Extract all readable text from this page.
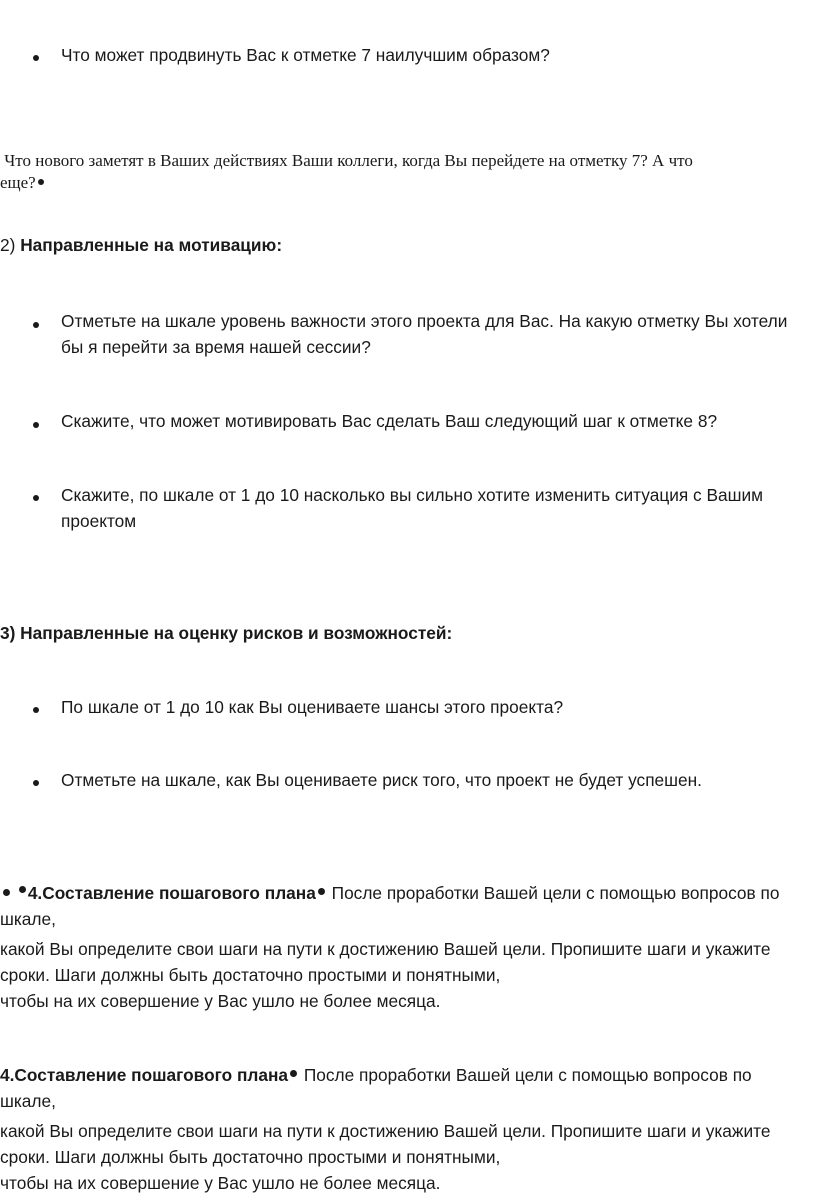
Что может продвинуть Вас к отметке 7 наилучшим образом?
Что нового заметят в Ваших действиях Ваши коллеги, когда Вы перейдете на отметку 7? А что
еще?
2) Направленные на мотивацию:
Отметьте на шкале уровень важности этого проекта для Вас. На какую отметку Вы хотели
бы я перейти за время нашей сессии?
Скажите, что может мотивировать Вас сделать Ваш следующий шаг к отметке 8?
Скажите, по шкале от 1 до 10 насколько вы сильно хотите изменить ситуация с Вашим
проектом
3) Направленные на оценку рисков и возможностей:
По шкале от 1 до 10 как Вы оцениваете шансы этого проекта?
Отметьте на шкале, как Вы оцениваете риск того, что проект не будет успешен.
4.Составление пошагового плана После проработки Вашей цели с помощью вопросов по
шкале,
какой Вы определите свои шаги на пути к достижению Вашей цели. Пропишите шаги и укажите
сроки. Шаги должны быть достаточно простыми и понятными,
чтобы на их совершение у Вас ушло не более месяца.
4.Составление пошагового плана После проработки Вашей цели с помощью вопросов по
шкале,
какой Вы определите свои шаги на пути к достижению Вашей цели. Пропишите шаги и укажите
сроки. Шаги должны быть достаточно простыми и понятными,
чтобы на их совершение у Вас ушло не более месяца.
